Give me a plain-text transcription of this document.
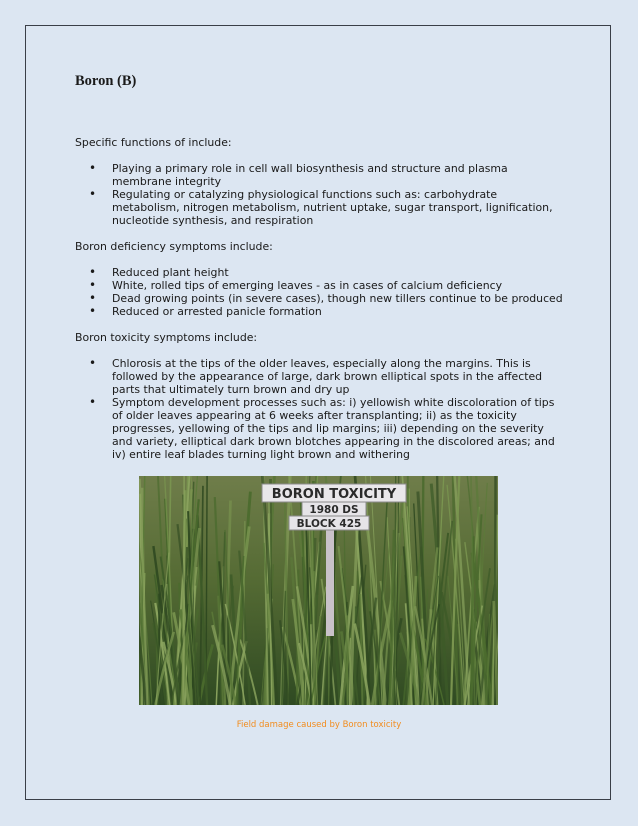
Boron (B)

Specific functions of include:

• Playing a primary role in cell wall biosynthesis and structure and plasma membrane integrity
• Regulating or catalyzing physiological functions such as: carbohydrate metabolism, nitrogen metabolism, nutrient uptake, sugar transport, lignification, nucleotide synthesis, and respiration

Boron deficiency symptoms include:

• Reduced plant height
• White, rolled tips of emerging leaves - as in cases of calcium deficiency
• Dead growing points (in severe cases), though new tillers continue to be produced
• Reduced or arrested panicle formation

Boron toxicity symptoms include:

• Chlorosis at the tips of the older leaves, especially along the margins. This is followed by the appearance of large, dark brown elliptical spots in the affected parts that ultimately turn brown and dry up
• Symptom development processes such as: i) yellowish white discoloration of tips of older leaves appearing at 6 weeks after transplanting; ii) as the toxicity progresses, yellowing of the tips and lip margins; iii) depending on the severity and variety, elliptical dark brown blotches appearing in the discolored areas; and iv) entire leaf blades turning light brown and withering
BORON TOXICITY
1980 DS
BLOCK 425
Field damage caused by Boron toxicity
